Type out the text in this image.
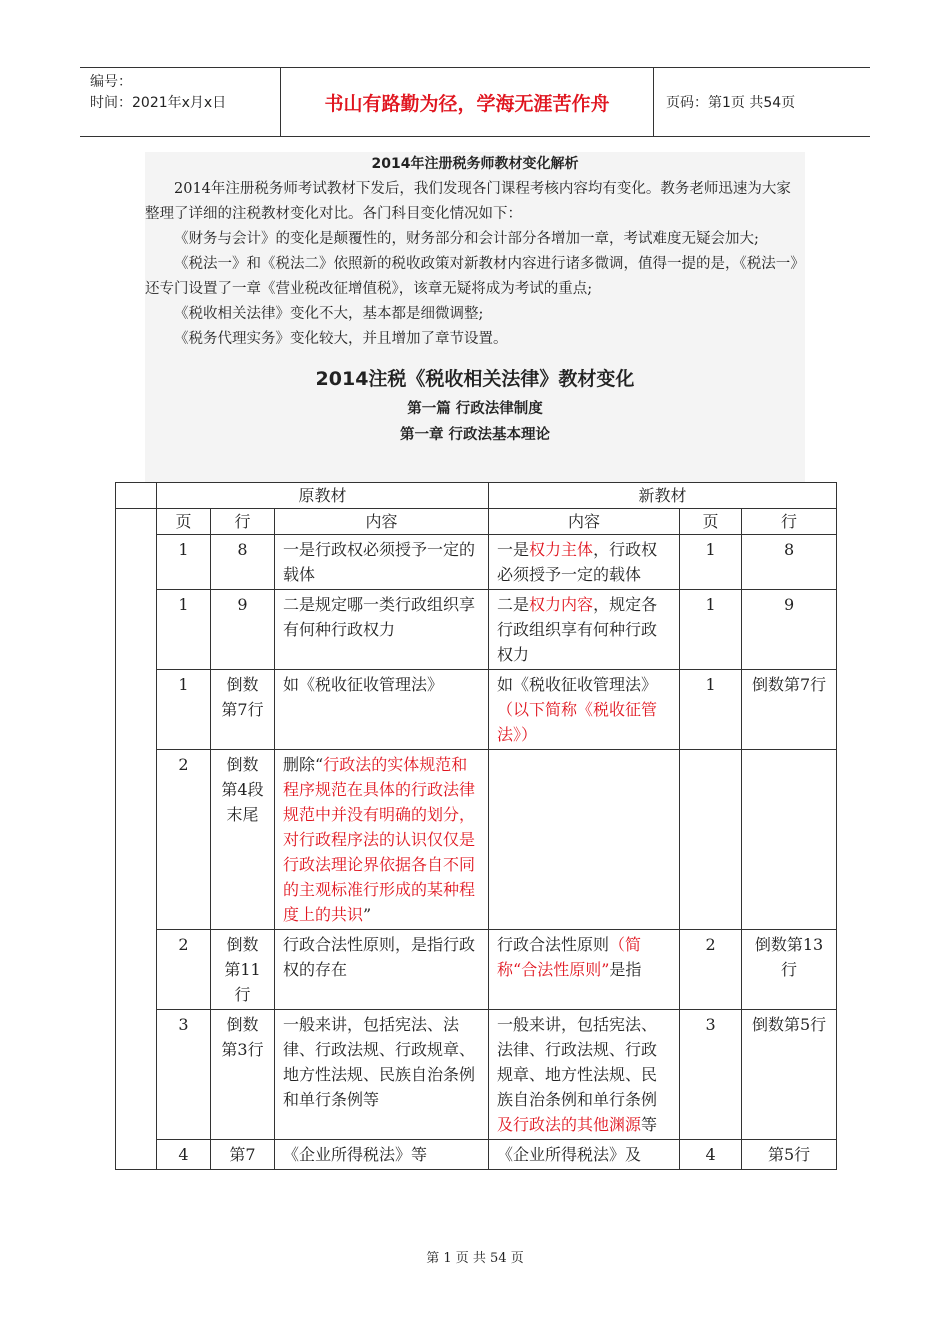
编号：
时间：2021年x月x日	书山有路勤为径，学海无涯苦作舟	页码：第1页 共54页
2014年注册税务师教材变化解析

2014年注册税务师考试教材下发后，我们发现各门课程考核内容均有变化。教务老师迅速为大家整理了详细的注税教材变化对比。各门科目变化情况如下：

《财务与会计》的变化是颠覆性的，财务部分和会计部分各增加一章，考试难度无疑会加大;

《税法一》和《税法二》依照新的税收政策对新教材内容进行诸多微调，值得一提的是，《税法一》还专门设置了一章《营业税改征增值税》，该章无疑将成为考试的重点;

《税收相关法律》变化不大，基本都是细微调整;

《税务代理实务》变化较大，并且增加了章节设置。

2014注税《税收相关法律》教材变化
第一篇 行政法律制度
第一章 行政法基本理论
	原教材			新教材		
	页	行	内容	内容	页	行
	1	8	一是行政权必须授予一定的载体	一是权力主体，行政权必须授予一定的载体	1	8
	1	9	二是规定哪一类行政组织享有何种行政权力	二是权力内容，规定各行政组织享有何种行政权力	1	9
	1	倒数第7行	如《税收征收管理法》	如《税收征收管理法》（以下简称《税收征管法》）	1	倒数第7行
	2	倒数第4段末尾	删除“行政法的实体规范和程序规范在具体的行政法律规范中并没有明确的划分，对行政程序法的认识仅仅是行政法理论界依据各自不同的主观标准行形成的某种程度上的共识”			
	2	倒数第11行	行政合法性原则，是指行政权的存在	行政合法性原则（简称“合法性原则”是指	2	倒数第13行
	3	倒数第3行	一般来讲，包括宪法、法律、行政法规、行政规章、地方性法规、民族自治条例和单行条例等	一般来讲，包括宪法、法律、行政法规、行政规章、地方性法规、民族自治条例和单行条例及行政法的其他渊源等	3	倒数第5行
	4	第7	《企业所得税法》等	《企业所得税法》及	4	第5行
第 1 页 共 54 页
